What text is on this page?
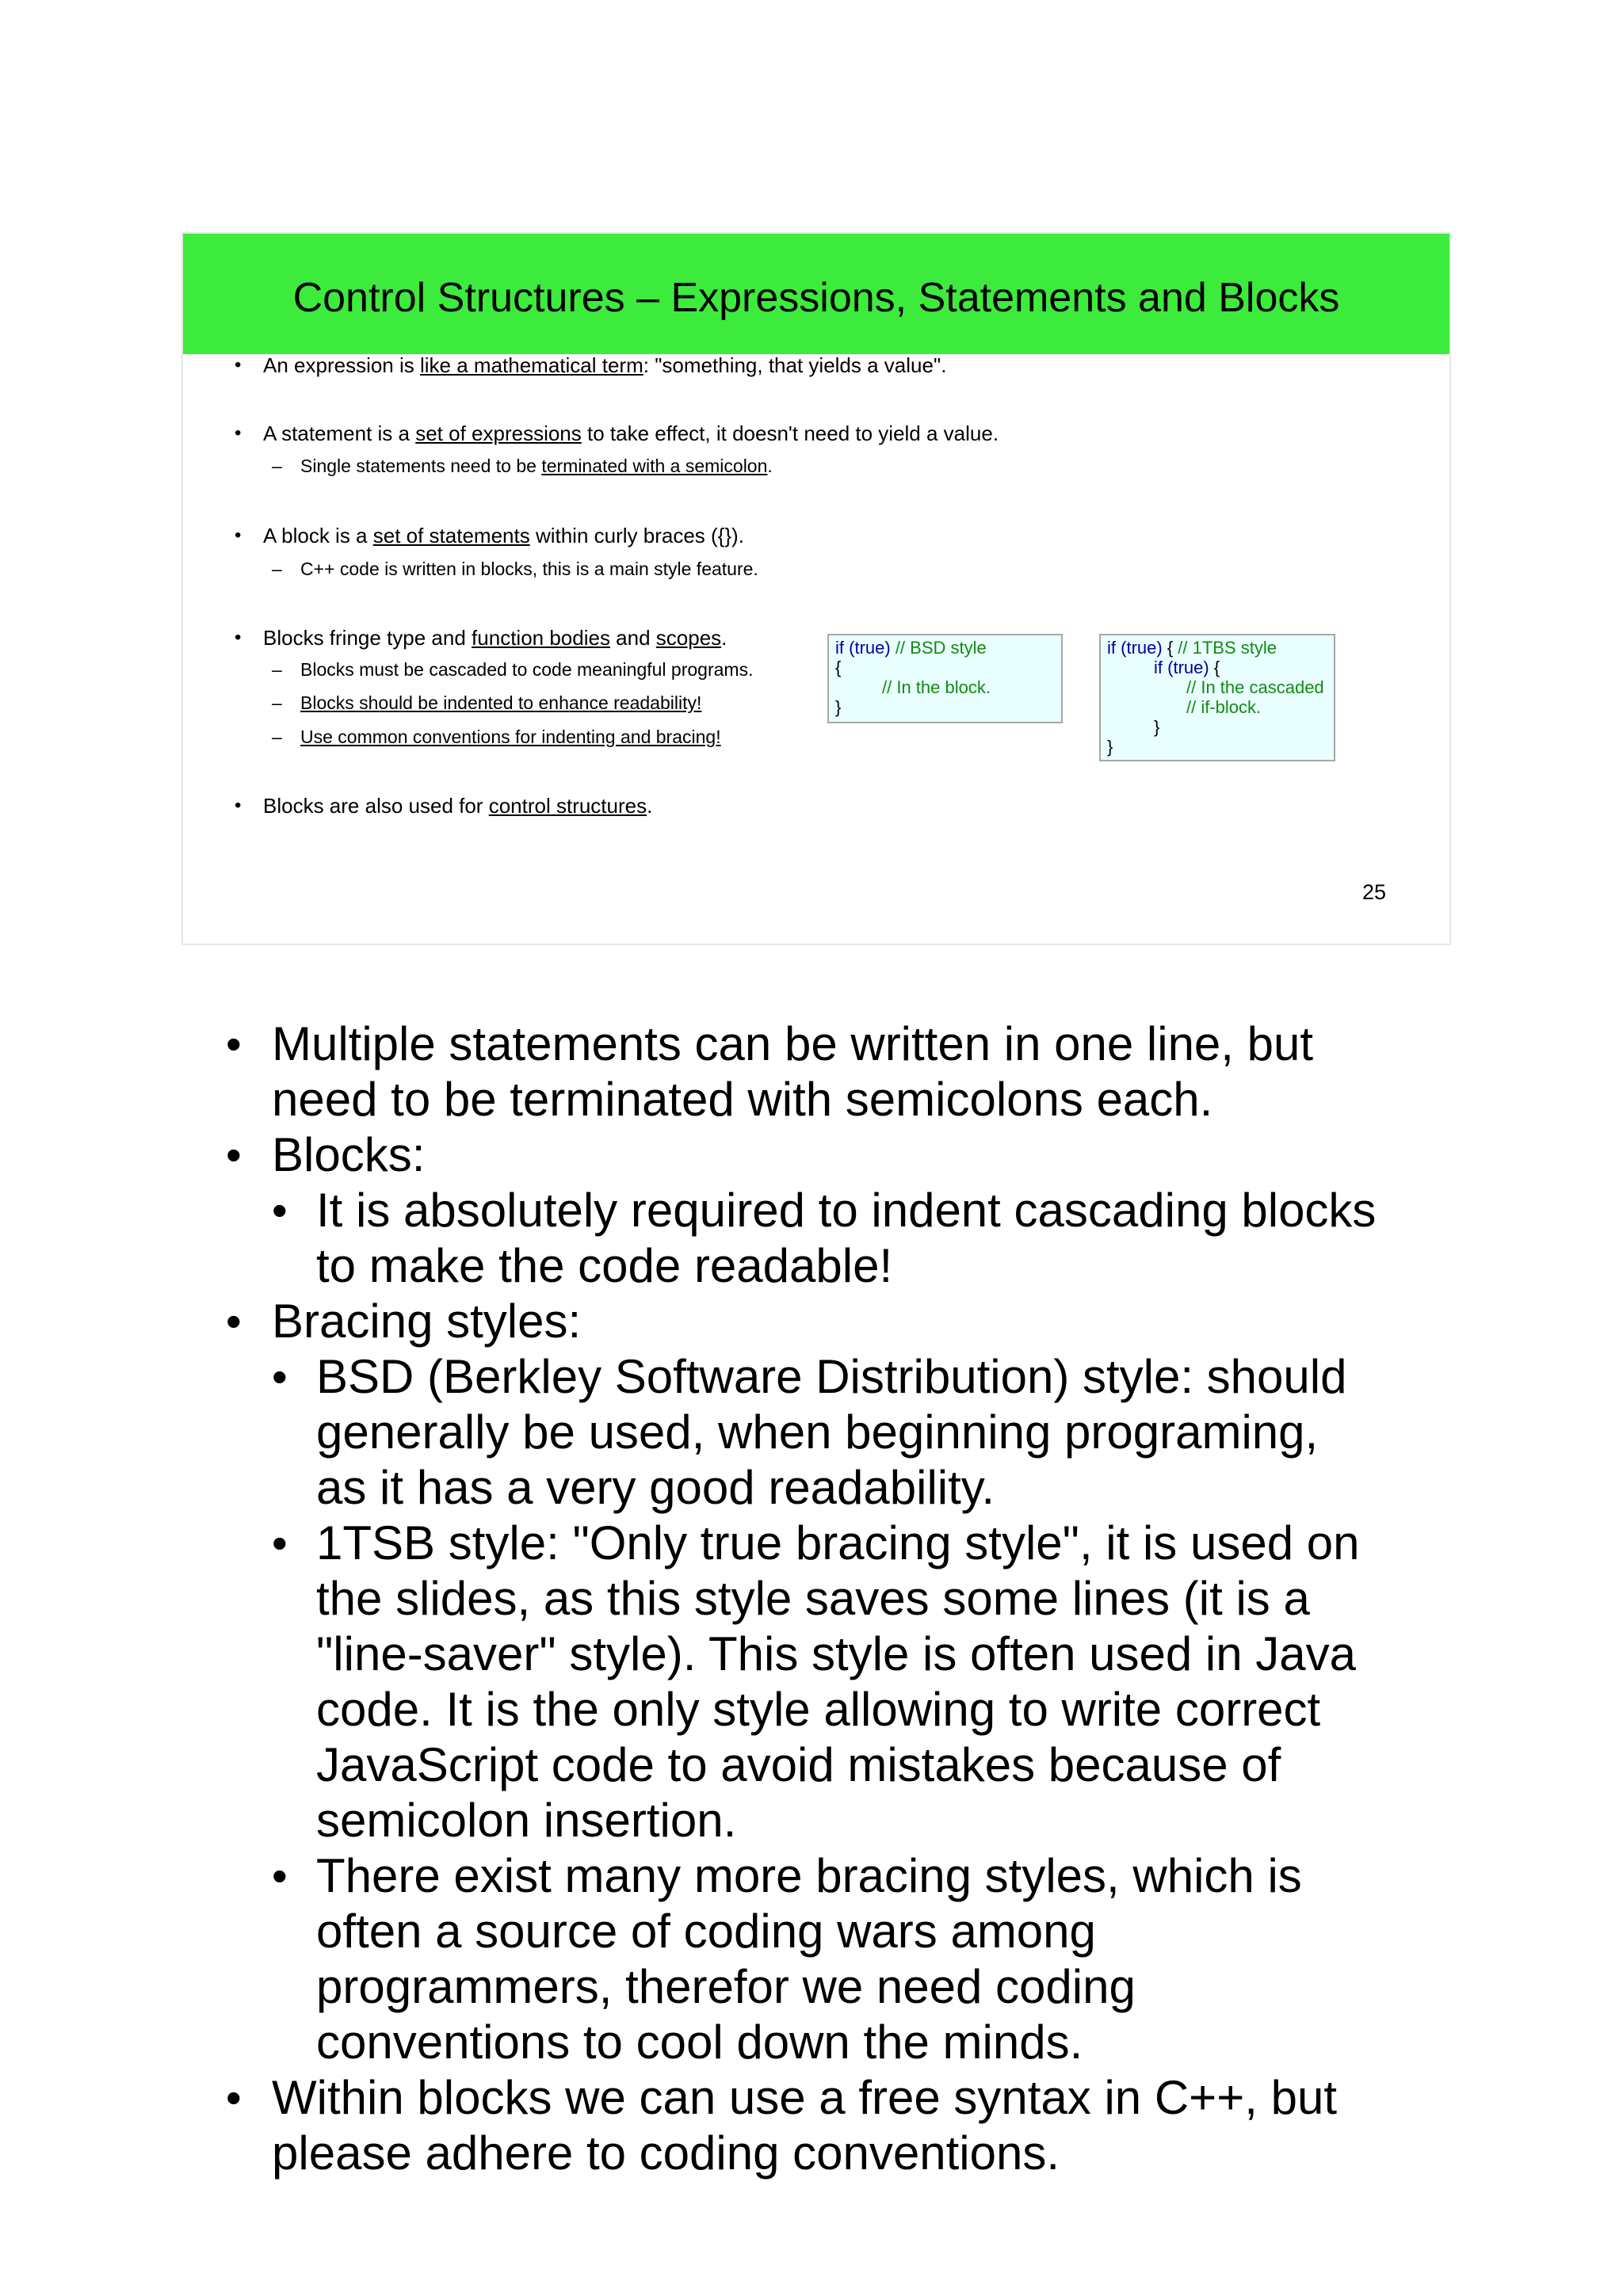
Control Structures – Expressions, Statements and Blocks
• An expression is like a mathematical term: "something, that yields a value".
• A statement is a set of expressions to take effect, it doesn't need to yield a value.
– Single statements need to be terminated with a semicolon.
• A block is a set of statements within curly braces ({}).
– C++ code is written in blocks, this is a main style feature.
• Blocks fringe type and function bodies and scopes.
– Blocks must be cascaded to code meaningful programs.
– Blocks should be indented to enhance readability!
– Use common conventions for indenting and bracing!
• Blocks are also used for control structures.
if (true) // BSD style
{
// In the block.
}
if (true) { // 1TBS style
if (true) {
// In the cascaded
// if-block.
}
}
25
• Multiple statements can be written in one line, but
need to be terminated with semicolons each.
• Blocks:
• It is absolutely required to indent cascading blocks
to make the code readable!
• Bracing styles:
• BSD (Berkley Software Distribution) style: should
generally be used, when beginning programing,
as it has a very good readability.
• 1TSB style: "Only true bracing style", it is used on
the slides, as this style saves some lines (it is a
"line-saver" style). This style is often used in Java
code. It is the only style allowing to write correct
JavaScript code to avoid mistakes because of
semicolon insertion.
• There exist many more bracing styles, which is
often a source of coding wars among
programmers, therefor we need coding
conventions to cool down the minds.
• Within blocks we can use a free syntax in C++, but
please adhere to coding conventions.
